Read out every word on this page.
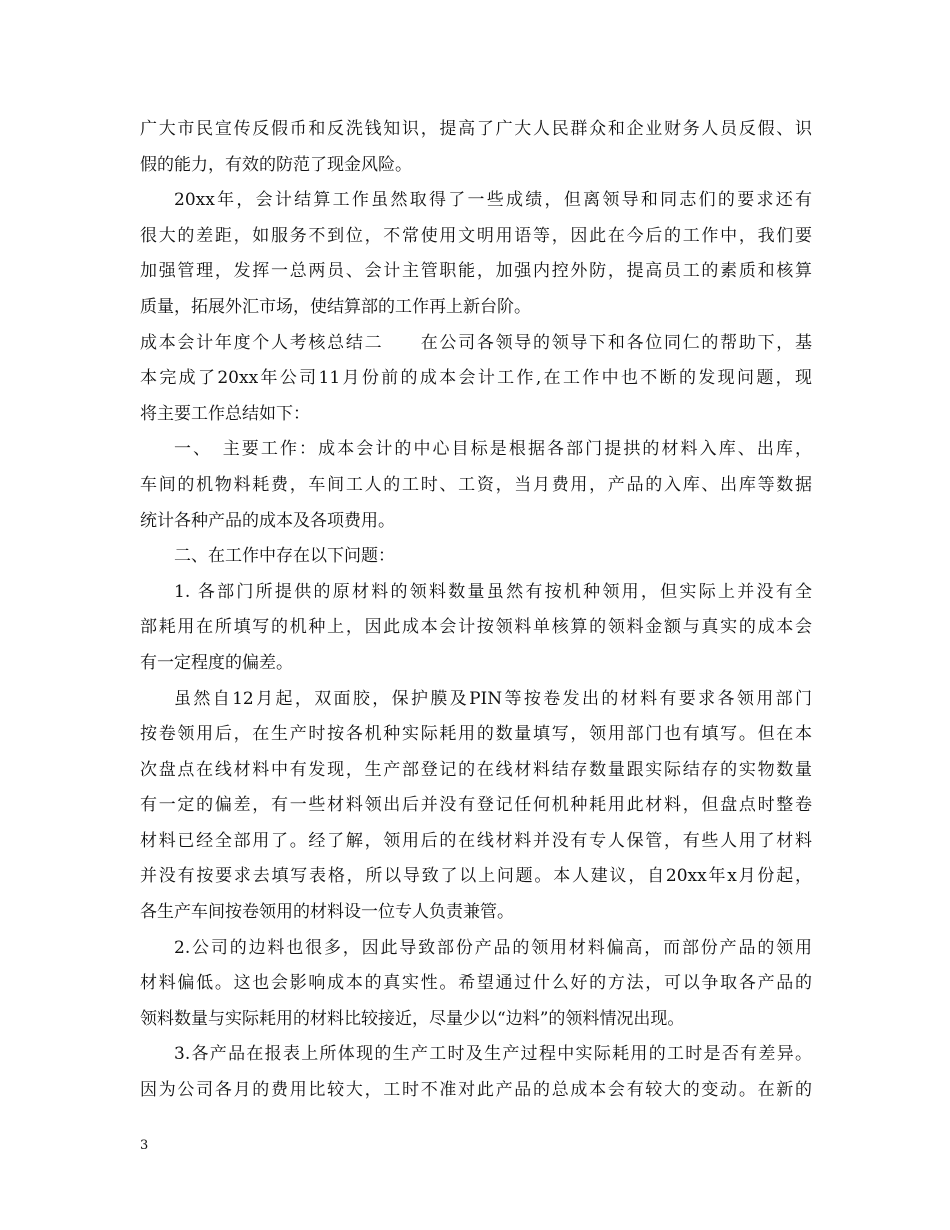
广大市民宣传反假币和反洗钱知识，提高了广大人民群众和企业财务人员反假、识
假的能力，有效的防范了现金风险。
20xx年，会计结算工作虽然取得了一些成绩，但离领导和同志们的要求还有
很大的差距，如服务不到位，不常使用文明用语等，因此在今后的工作中，我们要
加强管理，发挥一总两员、会计主管职能，加强内控外防，提高员工的素质和核算
质量，拓展外汇市场，使结算部的工作再上新台阶。
成本会计年度个人考核总结二　　在公司各领导的领导下和各位同仁的帮助下，基
本完成了20xx年公司11月份前的成本会计工作,在工作中也不断的发现问题，现
将主要工作总结如下：
一、　主要工作：成本会计的中心目标是根据各部门提拱的材料入库、出库，
车间的机物料耗费，车间工人的工时、工资，当月费用，产品的入库、出库等数据
统计各种产品的成本及各项费用。
二、在工作中存在以下问题：
1. 各部门所提供的原材料的领料数量虽然有按机种领用，但实际上并没有全
部耗用在所填写的机种上，因此成本会计按领料单核算的领料金额与真实的成本会
有一定程度的偏差。
虽然自12月起，双面胶，保护膜及PIN等按卷发出的材料有要求各领用部门
按卷领用后，在生产时按各机种实际耗用的数量填写，领用部门也有填写。但在本
次盘点在线材料中有发现，生产部登记的在线材料结存数量跟实际结存的实物数量
有一定的偏差，有一些材料领出后并没有登记任何机种耗用此材料，但盘点时整卷
材料已经全部用了。经了解，领用后的在线材料并没有专人保管，有些人用了材料
并没有按要求去填写表格，所以导致了以上问题。本人建议，自20xx年x月份起，
各生产车间按卷领用的材料设一位专人负责兼管。
2.公司的边料也很多，因此导致部份产品的领用材料偏高，而部份产品的领用
材料偏低。这也会影响成本的真实性。希望通过什么好的方法，可以争取各产品的
领料数量与实际耗用的材料比较接近，尽量少以“边料”的领料情况出现。
3.各产品在报表上所体现的生产工时及生产过程中实际耗用的工时是否有差异。
因为公司各月的费用比较大，工时不准对此产品的总成本会有较大的变动。在新的
3
